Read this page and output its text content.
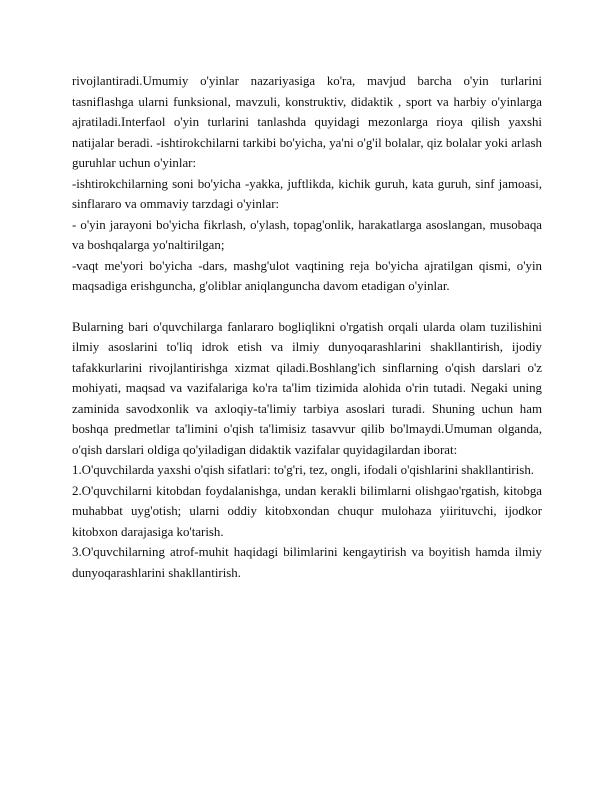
rivojlantiradi.Umumiy o'yinlar nazariyasiga ko'ra, mavjud barcha o'yin turlarini tasniflashga ularni funksional, mavzuli, konstruktiv, didaktik , sport va harbiy o'yinlarga ajratiladi.Interfaol o'yin turlarini tanlashda quyidagi mezonlarga rioya qilish yaxshi natijalar beradi. -ishtirokchilarni tarkibi bo'yicha, ya'ni o'g'il bolalar, qiz bolalar yoki arlash guruhlar uchun o'yinlar:

-ishtirokchilarning soni bo'yicha -yakka, juftlikda, kichik guruh, kata guruh, sinf jamoasi, sinflararo va ommaviy tarzdagi o'yinlar:

- o'yin jarayoni bo'yicha fikrlash, o'ylash, topag'onlik, harakatlarga asoslangan, musobaqa va boshqalarga yo'naltirilgan;

-vaqt me'yori bo'yicha -dars, mashg'ulot vaqtining reja bo'yicha ajratilgan qismi, o'yin maqsadiga erishguncha, g'oliblar aniqlanguncha davom etadigan o'yinlar.

Bularning bari o'quvchilarga fanlararo bogliqlikni o'rgatish orqali ularda olam tuzilishini ilmiy asoslarini to'liq idrok etish va ilmiy dunyoqarashlarini shakllantirish, ijodiy tafakkurlarini rivojlantirishga xizmat qiladi.Boshlang'ich sinflarning o'qish darslari o'z mohiyati, maqsad va vazifalariga ko'ra ta'lim tizimida alohida o'rin tutadi. Negaki uning zaminida savodxonlik va axloqiy-ta'limiy tarbiya asoslari turadi. Shuning uchun ham boshqa predmetlar ta'limini o'qish ta'limisiz tasavvur qilib bo'lmaydi.Umuman olganda, o'qish darslari oldiga qo'yiladigan didaktik vazifalar quyidagilardan iborat:

1.O'quvchilarda yaxshi o'qish sifatlari: to'g'ri, tez, ongli, ifodali o'qishlarini shakllantirish.

2.O'quvchilarni kitobdan foydalanishga, undan kerakli bilimlarni olishgao'rgatish, kitobga muhabbat uyg'otish; ularni oddiy kitobxondan chuqur mulohaza yiirituvchi, ijodkor kitobxon darajasiga ko'tarish.

3.O'quvchilarning atrof-muhit haqidagi bilimlarini kengaytirish va boyitish hamda ilmiy dunyoqarashlarini shakllantirish.
